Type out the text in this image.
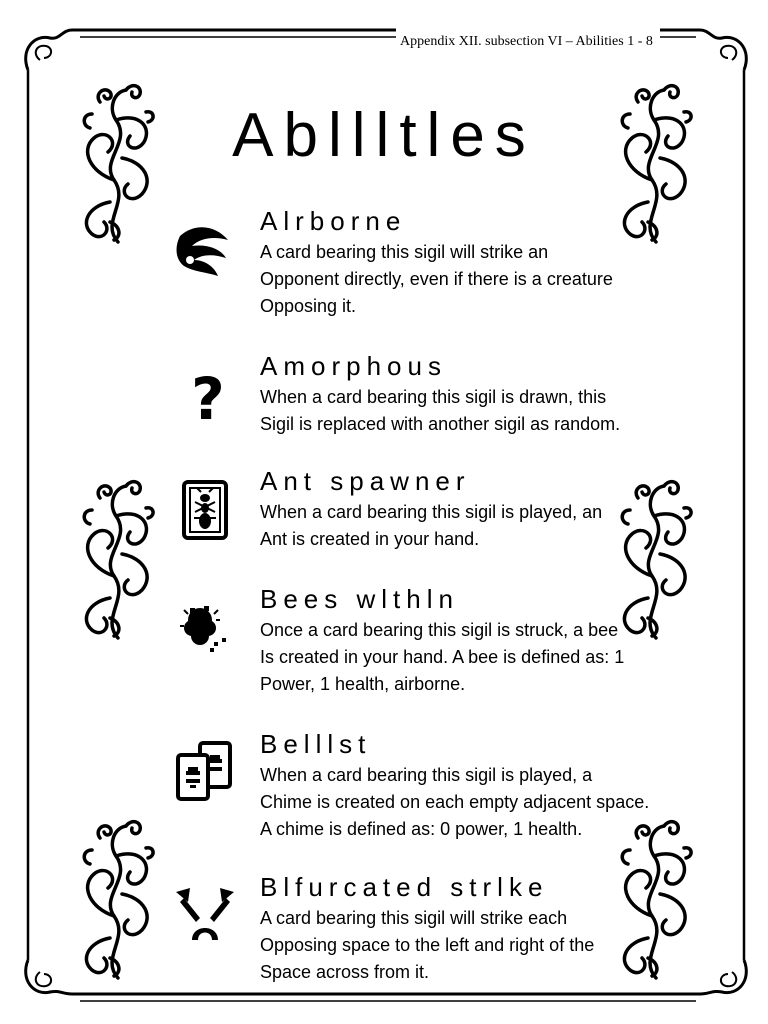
Appendix XII. subsection VI – Abilities 1 - 8
Abllltles
Alrborne
A card bearing this sigil will strike an
Opponent directly, even if there is a creature
Opposing it.
? Amorphous
When a card bearing this sigil is drawn, this
Sigil is replaced with another sigil as random.
Ant spawner
When a card bearing this sigil is played, an
Ant is created in your hand.
Bees wlthln
Once a card bearing this sigil is struck, a bee
Is created in your hand. A bee is defined as: 1
Power, 1 health, airborne.
Belllst
When a card bearing this sigil is played, a
Chime is created on each empty adjacent space.
A chime is defined as: 0 power, 1 health.
Blfurcated strlke
A card bearing this sigil will strike each
Opposing space to the left and right of the
Space across from it.
